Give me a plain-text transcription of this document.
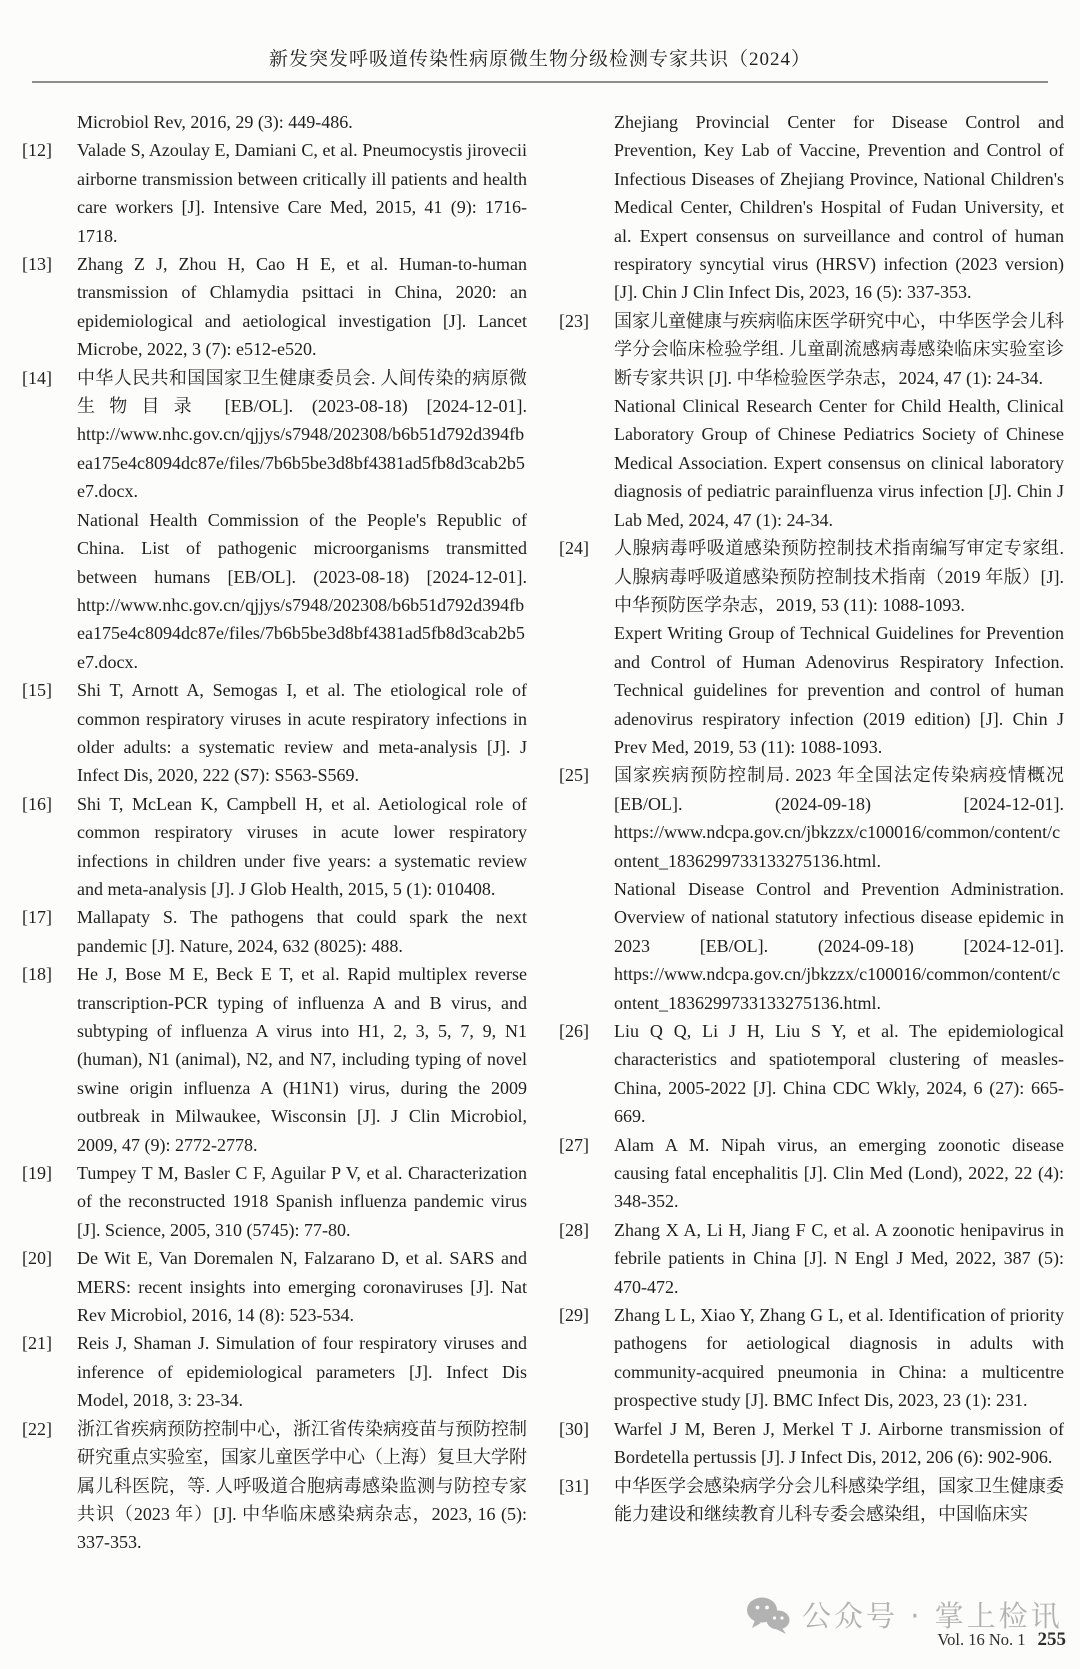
新发突发呼吸道传染性病原微生物分级检测专家共识（2024）
Microbiol Rev, 2016, 29 (3): 449-486.
[12] Valade S, Azoulay E, Damiani C, et al. Pneumocystis jirovecii airborne transmission between critically ill patients and health care workers [J]. Intensive Care Med, 2015, 41 (9): 1716-1718.
[13] Zhang Z J, Zhou H, Cao H E, et al. Human-to-human transmission of Chlamydia psittaci in China, 2020: an epidemiological and aetiological investigation [J]. Lancet Microbe, 2022, 3 (7): e512-e520.
[14] 中华人民共和国国家卫生健康委员会. 人间传染的病原微生物目录 [EB/OL]. (2023-08-18) [2024-12-01]. http://www.nhc.gov.cn/qjjys/s7948/202308/b6b51d792d394fbea175e4c8094dc87e/files/7b6b5be3d8bf4381ad5fb8d3cab2b5e7.docx.
National Health Commission of the People's Republic of China. List of pathogenic microorganisms transmitted between humans [EB/OL]. (2023-08-18) [2024-12-01]. http://www.nhc.gov.cn/qjjys/s7948/202308/b6b51d792d394fbea175e4c8094dc87e/files/7b6b5be3d8bf4381ad5fb8d3cab2b5e7.docx.
[15] Shi T, Arnott A, Semogas I, et al. The etiological role of common respiratory viruses in acute respiratory infections in older adults: a systematic review and meta-analysis [J]. J Infect Dis, 2020, 222 (S7): S563-S569.
[16] Shi T, McLean K, Campbell H, et al. Aetiological role of common respiratory viruses in acute lower respiratory infections in children under five years: a systematic review and meta-analysis [J]. J Glob Health, 2015, 5 (1): 010408.
[17] Mallapaty S. The pathogens that could spark the next pandemic [J]. Nature, 2024, 632 (8025): 488.
[18] He J, Bose M E, Beck E T, et al. Rapid multiplex reverse transcription-PCR typing of influenza A and B virus, and subtyping of influenza A virus into H1, 2, 3, 5, 7, 9, N1 (human), N1 (animal), N2, and N7, including typing of novel swine origin influenza A (H1N1) virus, during the 2009 outbreak in Milwaukee, Wisconsin [J]. J Clin Microbiol, 2009, 47 (9): 2772-2778.
[19] Tumpey T M, Basler C F, Aguilar P V, et al. Characterization of the reconstructed 1918 Spanish influenza pandemic virus [J]. Science, 2005, 310 (5745): 77-80.
[20] De Wit E, Van Doremalen N, Falzarano D, et al. SARS and MERS: recent insights into emerging coronaviruses [J]. Nat Rev Microbiol, 2016, 14 (8): 523-534.
[21] Reis J, Shaman J. Simulation of four respiratory viruses and inference of epidemiological parameters [J]. Infect Dis Model, 2018, 3: 23-34.
[22] 浙江省疾病预防控制中心，浙江省传染病疫苗与预防控制研究重点实验室，国家儿童医学中心（上海）复旦大学附属儿科医院，等. 人呼吸道合胞病毒感染监测与防控专家共识（2023 年）[J]. 中华临床感染病杂志，2023, 16 (5): 337-353.
Zhejiang Provincial Center for Disease Control and Prevention, Key Lab of Vaccine, Prevention and Control of Infectious Diseases of Zhejiang Province, National Children's Medical Center, Children's Hospital of Fudan University, et al. Expert consensus on surveillance and control of human respiratory syncytial virus (HRSV) infection (2023 version) [J]. Chin J Clin Infect Dis, 2023, 16 (5): 337-353.
[23] 国家儿童健康与疾病临床医学研究中心，中华医学会儿科学分会临床检验学组. 儿童副流感病毒感染临床实验室诊断专家共识 [J]. 中华检验医学杂志，2024, 47 (1): 24-34.
National Clinical Research Center for Child Health, Clinical Laboratory Group of Chinese Pediatrics Society of Chinese Medical Association. Expert consensus on clinical laboratory diagnosis of pediatric parainfluenza virus infection [J]. Chin J Lab Med, 2024, 47 (1): 24-34.
[24] 人腺病毒呼吸道感染预防控制技术指南编写审定专家组. 人腺病毒呼吸道感染预防控制技术指南（2019 年版）[J]. 中华预防医学杂志，2019, 53 (11): 1088-1093.
Expert Writing Group of Technical Guidelines for Prevention and Control of Human Adenovirus Respiratory Infection. Technical guidelines for prevention and control of human adenovirus respiratory infection (2019 edition) [J]. Chin J Prev Med, 2019, 53 (11): 1088-1093.
[25] 国家疾病预防控制局. 2023 年全国法定传染病疫情概况 [EB/OL]. (2024-09-18) [2024-12-01]. https://www.ndcpa.gov.cn/jbkzzx/c100016/common/content/content_1836299733133275136.html.
National Disease Control and Prevention Administration. Overview of national statutory infectious disease epidemic in 2023 [EB/OL]. (2024-09-18) [2024-12-01]. https://www.ndcpa.gov.cn/jbkzzx/c100016/common/content/content_1836299733133275136.html.
[26] Liu Q Q, Li J H, Liu S Y, et al. The epidemiological characteristics and spatiotemporal clustering of measles-China, 2005-2022 [J]. China CDC Wkly, 2024, 6 (27): 665-669.
[27] Alam A M. Nipah virus, an emerging zoonotic disease causing fatal encephalitis [J]. Clin Med (Lond), 2022, 22 (4): 348-352.
[28] Zhang X A, Li H, Jiang F C, et al. A zoonotic henipavirus in febrile patients in China [J]. N Engl J Med, 2022, 387 (5): 470-472.
[29] Zhang L L, Xiao Y, Zhang G L, et al. Identification of priority pathogens for aetiological diagnosis in adults with community-acquired pneumonia in China: a multicentre prospective study [J]. BMC Infect Dis, 2023, 23 (1): 231.
[30] Warfel J M, Beren J, Merkel T J. Airborne transmission of Bordetella pertussis [J]. J Infect Dis, 2012, 206 (6): 902-906.
[31] 中华医学会感染病学分会儿科感染学组，国家卫生健康委能力建设和继续教育儿科专委会感染组，中国临床实
公众号 · 掌上检讯
Vol. 16 No. 1 255
